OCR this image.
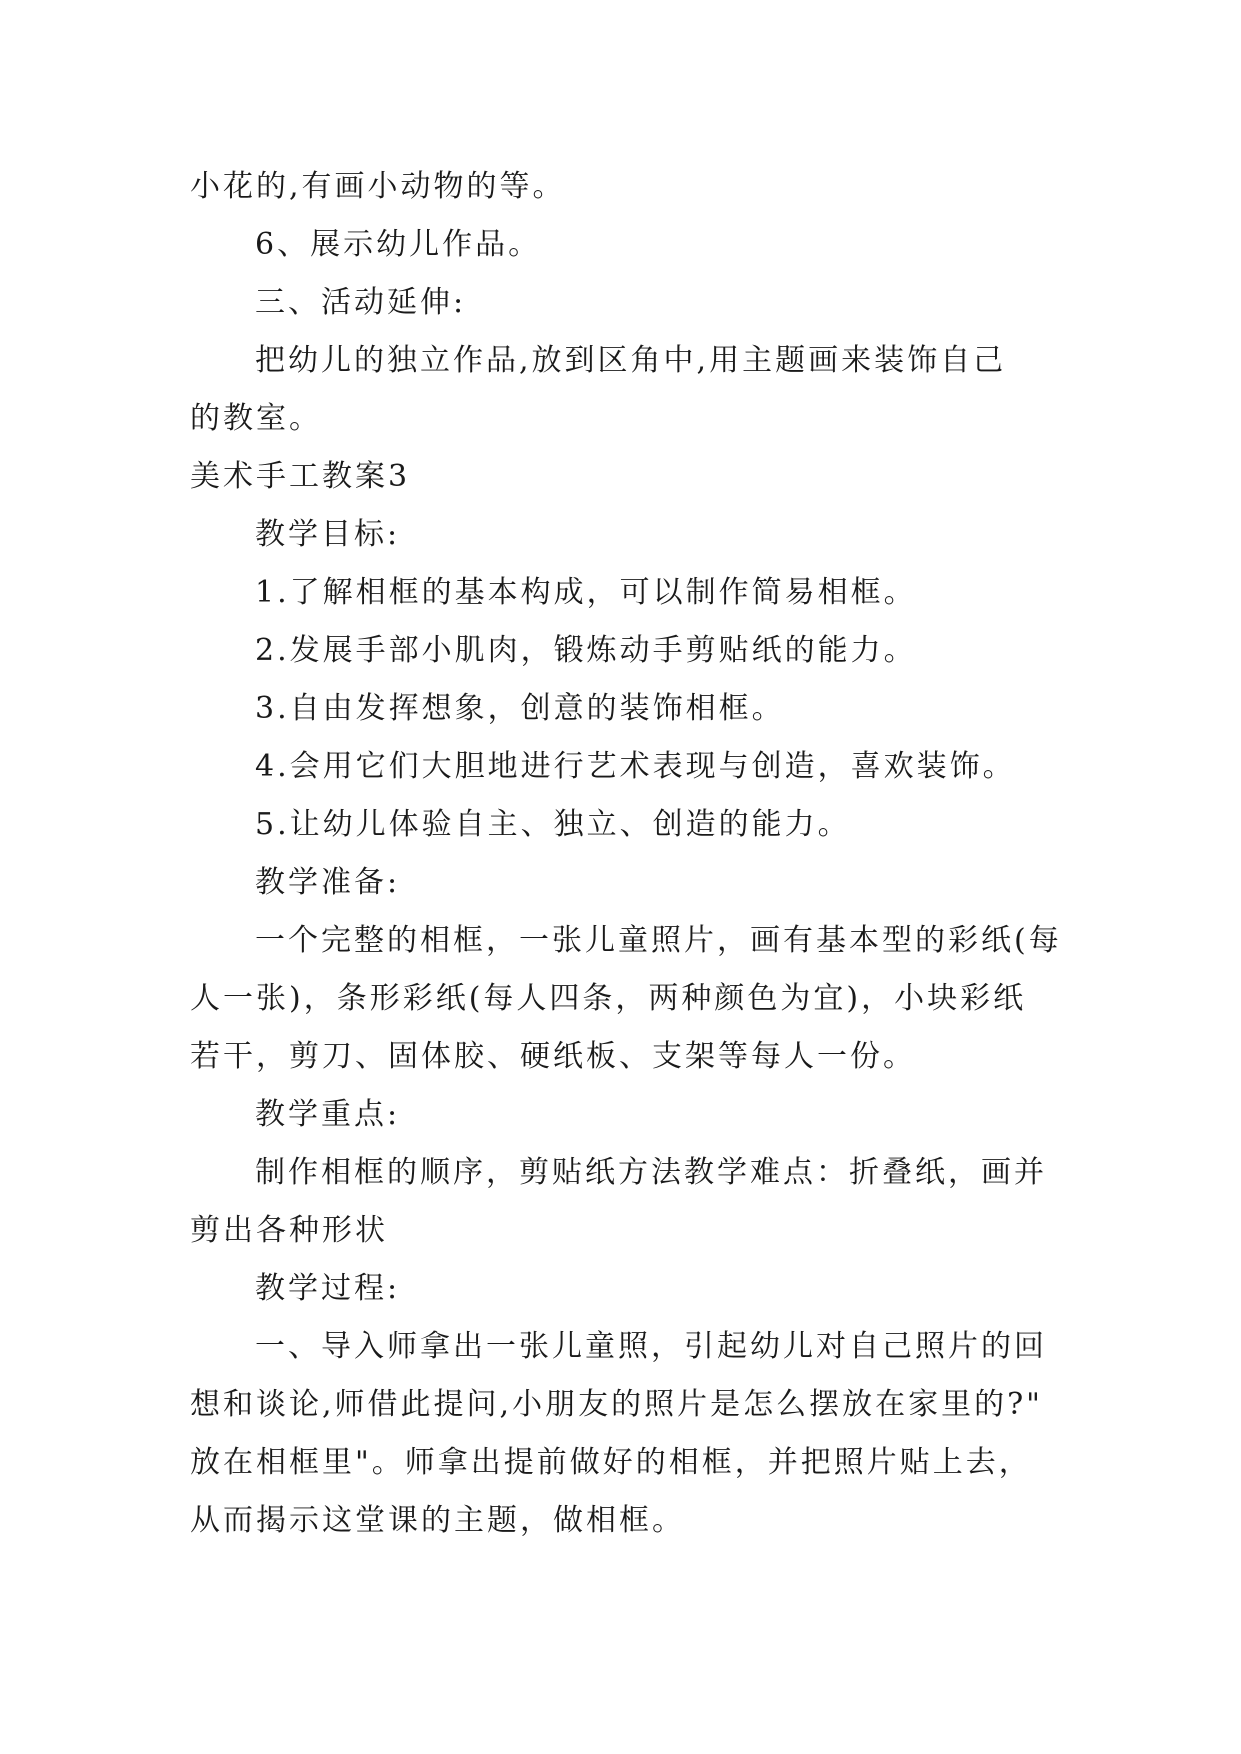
小花的,有画小动物的等。

6、展示幼儿作品。

三、活动延伸:

把幼儿的独立作品,放到区角中,用主题画来装饰自己

的教室。

美术手工教案3

教学目标:

1.了解相框的基本构成，可以制作简易相框。

2.发展手部小肌肉，锻炼动手剪贴纸的能力。

3.自由发挥想象，创意的装饰相框。

4.会用它们大胆地进行艺术表现与创造，喜欢装饰。

5.让幼儿体验自主、独立、创造的能力。

教学准备:

一个完整的相框，一张儿童照片，画有基本型的彩纸(每

人一张)，条形彩纸(每人四条，两种颜色为宜)，小块彩纸

若干，剪刀、固体胶、硬纸板、支架等每人一份。

教学重点:

制作相框的顺序，剪贴纸方法教学难点：折叠纸，画并

剪出各种形状

教学过程:

一、导入师拿出一张儿童照，引起幼儿对自己照片的回

想和谈论,师借此提问,小朋友的照片是怎么摆放在家里的?"

放在相框里"。师拿出提前做好的相框，并把照片贴上去，

从而揭示这堂课的主题，做相框。
